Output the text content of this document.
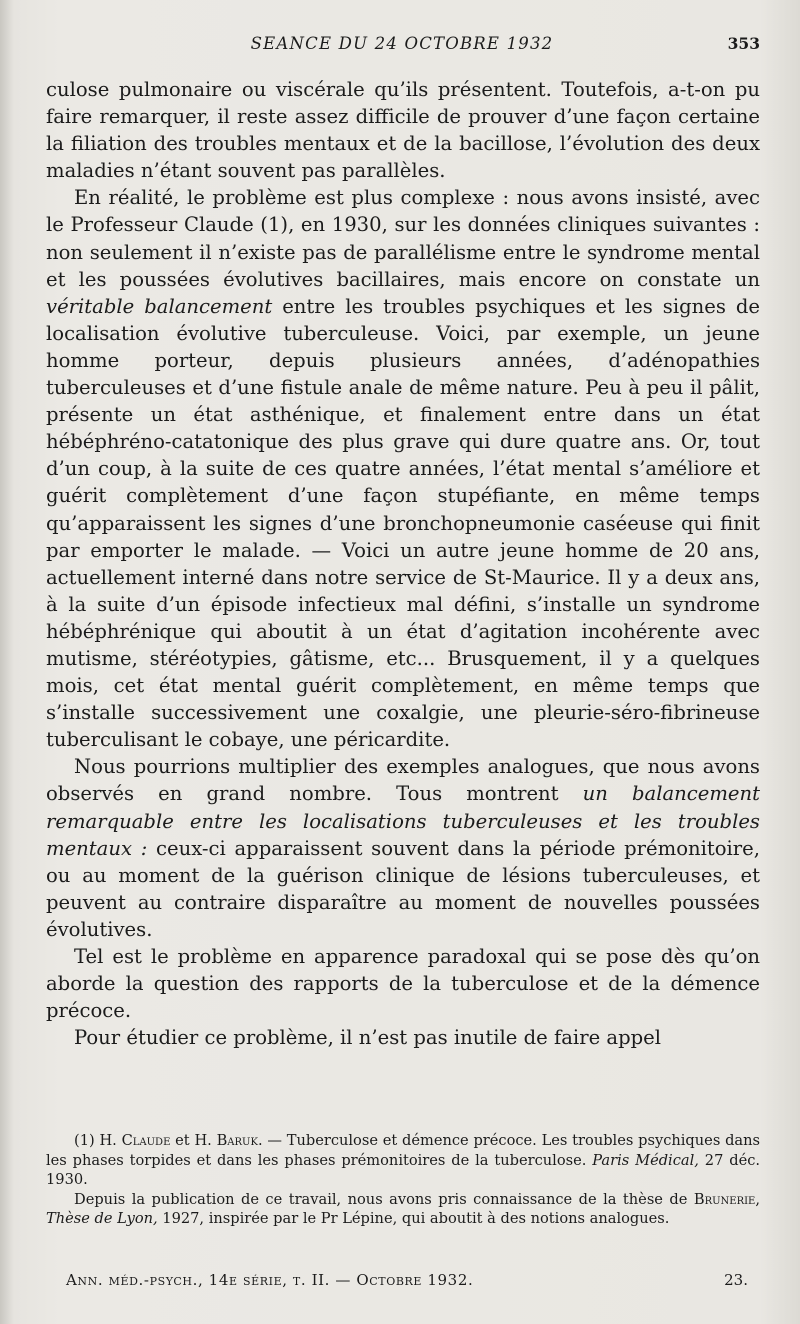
SEANCE DU 24 OCTOBRE 1932	353

culose pulmonaire ou viscérale qu’ils présentent. Toutefois, a-t-on pu faire remarquer, il reste assez difficile de prouver d’une façon certaine la filiation des troubles mentaux et de la bacillose, l’évolution des deux maladies n’étant souvent pas parallèles.

En réalité, le problème est plus complexe : nous avons insisté, avec le Professeur Claude (1), en 1930, sur les données cliniques suivantes : non seulement il n’existe pas de parallélisme entre le syndrome mental et les poussées évolutives bacillaires, mais encore on constate un véritable balancement entre les troubles psychiques et les signes de localisation évolutive tuberculeuse. Voici, par exemple, un jeune homme porteur, depuis plusieurs années, d’adénopathies tuberculeuses et d’une fistule anale de même nature. Peu à peu il pâlit, présente un état asthénique, et finalement entre dans un état hébéphréno-catatonique des plus grave qui dure quatre ans. Or, tout d’un coup, à la suite de ces quatre années, l’état mental s’améliore et guérit complètement d’une façon stupéfiante, en même temps qu’apparaissent les signes d’une bronchopneumonie caséeuse qui finit par emporter le malade. — Voici un autre jeune homme de 20 ans, actuellement interné dans notre service de St-Maurice. Il y a deux ans, à la suite d’un épisode infectieux mal défini, s’installe un syndrome hébéphrénique qui aboutit à un état d’agitation incohérente avec mutisme, stéréotypies, gâtisme, etc... Brusquement, il y a quelques mois, cet état mental guérit complètement, en même temps que s’installe successivement une coxalgie, une pleurie-séro-fibrineuse tuberculisant le cobaye, une péricardite.

Nous pourrions multiplier des exemples analogues, que nous avons observés en grand nombre. Tous montrent un balancement remarquable entre les localisations tuberculeuses et les troubles mentaux : ceux-ci apparaissent souvent dans la période prémonitoire, ou au moment de la guérison clinique de lésions tuberculeuses, et peuvent au contraire disparaître au moment de nouvelles poussées évolutives.

Tel est le problème en apparence paradoxal qui se pose dès qu’on aborde la question des rapports de la tuberculose et de la démence précoce.

Pour étudier ce problème, il n’est pas inutile de faire appel

(1) H. Claude et H. Baruk. — Tuberculose et démence précoce. Les troubles psychiques dans les phases torpides et dans les phases prémonitoires de la tuberculose. Paris Médical, 27 déc. 1930.

Depuis la publication de ce travail, nous avons pris connaissance de la thèse de Brunerie, Thèse de Lyon, 1927, inspirée par le Pr Lépine, qui aboutit à des notions analogues.

Ann. méd.-psych., 14e série, t. II. — Octobre 1932.	23.
